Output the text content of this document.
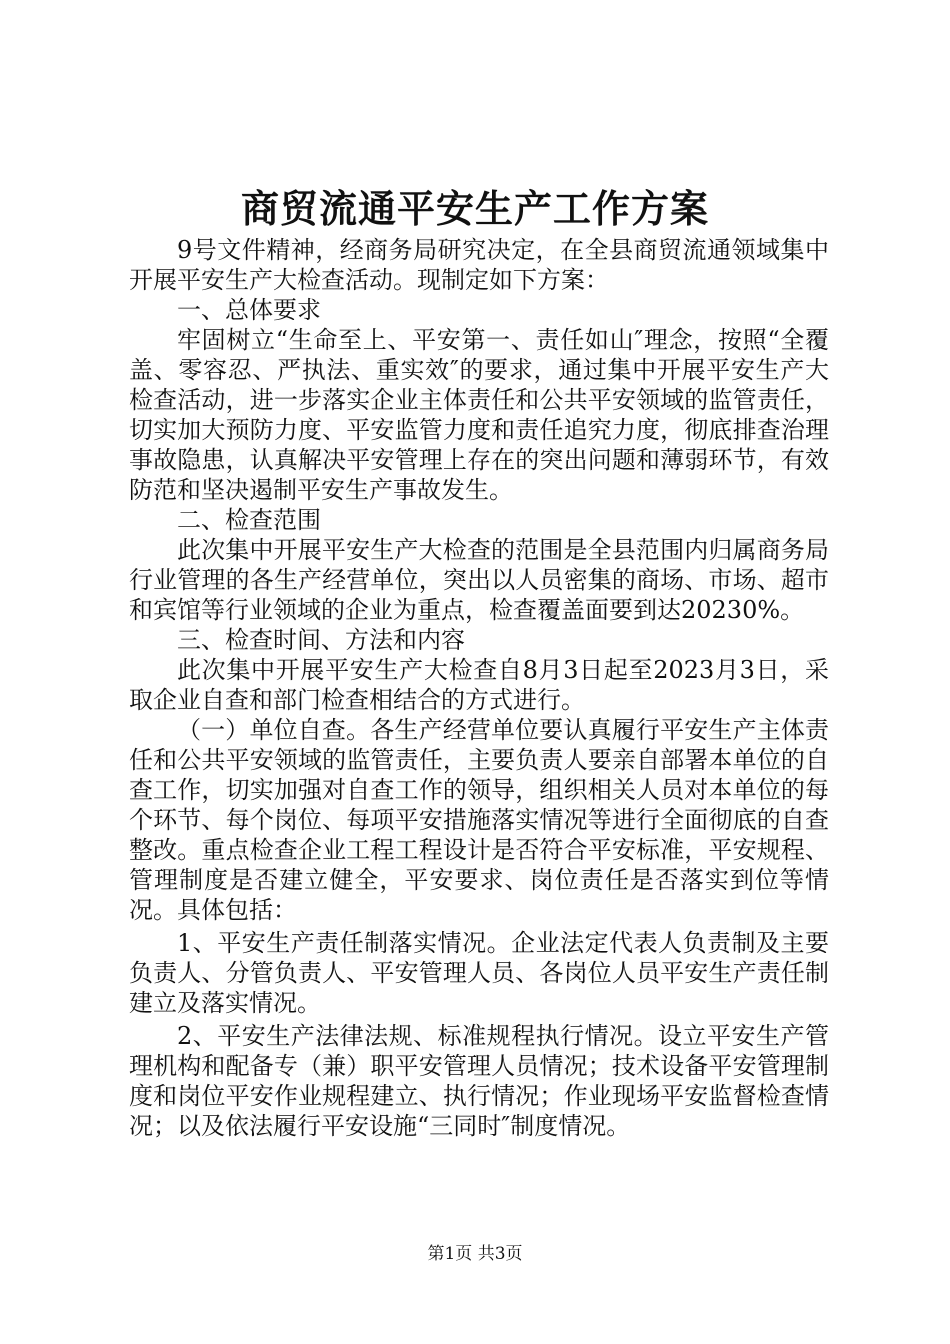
商贸流通平安生产工作方案

9号文件精神，经商务局研究决定，在全县商贸流通领域集中开展平安生产大检查活动。现制定如下方案：

一、总体要求

牢固树立“生命至上、平安第一、责任如山″理念，按照“全覆盖、零容忍、严执法、重实效″的要求，通过集中开展平安生产大检查活动，进一步落实企业主体责任和公共平安领域的监管责任，切实加大预防力度、平安监管力度和责任追究力度，彻底排查治理事故隐患，认真解决平安管理上存在的突出问题和薄弱环节，有效防范和坚决遏制平安生产事故发生。

二、检查范围

此次集中开展平安生产大检查的范围是全县范围内归属商务局行业管理的各生产经营单位，突出以人员密集的商场、市场、超市和宾馆等行业领域的企业为重点，检查覆盖面要到达20230%。

三、检查时间、方法和内容

此次集中开展平安生产大检查自8月3日起至2023月3日，采取企业自查和部门检查相结合的方式进行。

（一）单位自查。各生产经营单位要认真履行平安生产主体责任和公共平安领域的监管责任，主要负责人要亲自部署本单位的自查工作，切实加强对自查工作的领导，组织相关人员对本单位的每个环节、每个岗位、每项平安措施落实情况等进行全面彻底的自查整改。重点检查企业工程工程设计是否符合平安标准，平安规程、管理制度是否建立健全，平安要求、岗位责任是否落实到位等情况。具体包括：

1、平安生产责任制落实情况。企业法定代表人负责制及主要负责人、分管负责人、平安管理人员、各岗位人员平安生产责任制建立及落实情况。

2、平安生产法律法规、标准规程执行情况。设立平安生产管理机构和配备专（兼）职平安管理人员情况；技术设备平安管理制度和岗位平安作业规程建立、执行情况；作业现场平安监督检查情况；以及依法履行平安设施“三同时″制度情况。

第1页 共3页
